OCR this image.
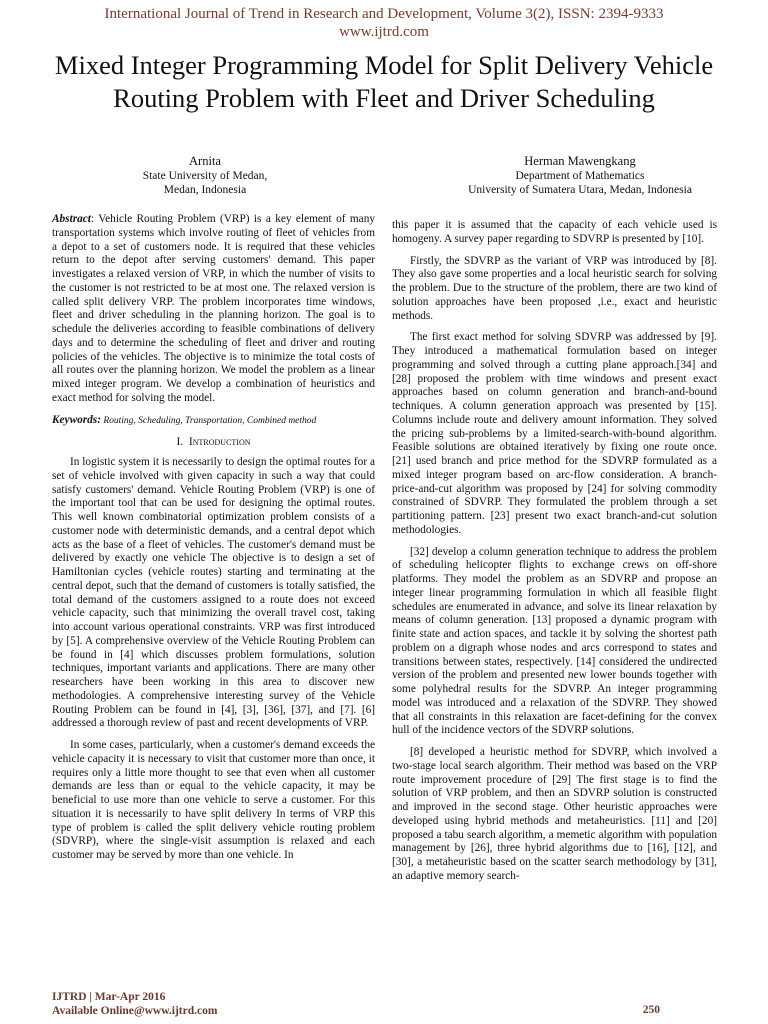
International Journal of Trend in Research and Development, Volume 3(2), ISSN: 2394-9333
www.ijtrd.com
Mixed Integer Programming Model for Split Delivery Vehicle Routing Problem with Fleet and Driver Scheduling
Arnita
State University of Medan,
Medan, Indonesia
Herman Mawengkang
Department of Mathematics
University of Sumatera Utara, Medan, Indonesia

Abstract: Vehicle Routing Problem (VRP) is a key element of many transportation systems which involve routing of fleet of vehicles from a depot to a set of customers node. It is required that these vehicles return to the depot after serving customers' demand. This paper investigates a relaxed version of VRP, in which the number of visits to the customer is not restricted to be at most one. The relaxed version is called split delivery VRP. The problem incorporates time windows, fleet and driver scheduling in the planning horizon. The goal is to schedule the deliveries according to feasible combinations of delivery days and to determine the scheduling of fleet and driver and routing policies of the vehicles. The objective is to minimize the total costs of all routes over the planning horizon. We model the problem as a linear mixed integer program. We develop a combination of heuristics and exact method for solving the model.

Keywords: Routing, Scheduling, Transportation, Combined method

I. Introduction

In logistic system it is necessarily to design the optimal routes for a set of vehicle involved with given capacity in such a way that could satisfy customers' demand. Vehicle Routing Problem (VRP) is one of the important tool that can be used for designing the optimal routes. This well known combinatorial optimization problem consists of a customer node with deterministic demands, and a central depot which acts as the base of a fleet of vehicles. The customer's demand must be delivered by exactly one vehicle The objective is to design a set of Hamiltonian cycles (vehicle routes) starting and terminating at the central depot, such that the demand of customers is totally satisfied, the total demand of the customers assigned to a route does not exceed vehicle capacity, such that minimizing the overall travel cost, taking into account various operational constraints. VRP was first introduced by [5]. A comprehensive overview of the Vehicle Routing Problem can be found in [4] which discusses problem formulations, solution techniques, important variants and applications. There are many other researchers have been working in this area to discover new methodologies. A comprehensive interesting survey of the Vehicle Routing Problem can be found in [4], [3], [36], [37], and [7]. [6] addressed a thorough review of past and recent developments of VRP.

In some cases, particularly, when a customer's demand exceeds the vehicle capacity it is necessary to visit that customer more than once, it requires only a little more thought to see that even when all customer demands are less than or equal to the vehicle capacity, it may be beneficial to use more than one vehicle to serve a customer. For this situation it is necessarily to have split delivery In terms of VRP this type of problem is called the split delivery vehicle routing problem (SDVRP), where the single-visit assumption is relaxed and each customer may be served by more than one vehicle. In

this paper it is assumed that the capacity of each vehicle used is homogeny. A survey paper regarding to SDVRP is presented by [10].

Firstly, the SDVRP as the variant of VRP was introduced by [8]. They also gave some properties and a local heuristic search for solving the problem. Due to the structure of the problem, there are two kind of solution approaches have been proposed ,i.e., exact and heuristic methods.

The first exact method for solving SDVRP was addressed by [9]. They introduced a mathematical formulation based on integer programming and solved through a cutting plane approach.[34] and [28] proposed the problem with time windows and present exact approaches based on column generation and branch-and-bound techniques. A column generation approach was presented by [15]. Columns include route and delivery amount information. They solved the pricing sub-problems by a limited-search-with-bound algorithm. Feasible solutions are obtained iteratively by fixing one route once. [21] used branch and price method for the SDVRP formulated as a mixed integer program based on arc-flow consideration. A branch-price-and-cut algorithm was proposed by [24] for solving commodity constrained of SDVRP. They formulated the problem through a set partitioning pattern. [23] present two exact branch-and-cut solution methodologies.

[32] develop a column generation technique to address the problem of scheduling helicopter flights to exchange crews on off-shore platforms. They model the problem as an SDVRP and propose an integer linear programming formulation in which all feasible flight schedules are enumerated in advance, and solve its linear relaxation by means of column generation. [13] proposed a dynamic program with finite state and action spaces, and tackle it by solving the shortest path problem on a digraph whose nodes and arcs correspond to states and transitions between states, respectively. [14] considered the undirected version of the problem and presented new lower bounds together with some polyhedral results for the SDVRP. An integer programming model was introduced and a relaxation of the SDVRP. They showed that all constraints in this relaxation are facet-defining for the convex hull of the incidence vectors of the SDVRP solutions.

[8] developed a heuristic method for SDVRP, which involved a two-stage local search algorithm. Their method was based on the VRP route improvement procedure of [29] The first stage is to find the solution of VRP problem, and then an SDVRP solution is constructed and improved in the second stage. Other heuristic approaches were developed using hybrid methods and metaheuristics. [11] and [20] proposed a tabu search algorithm, a memetic algorithm with population management by [26], three hybrid algorithms due to [16], [12], and [30], a metaheuristic based on the scatter search methodology by [31], an adaptive memory search-

IJTRD | Mar-Apr 2016
Available Online@www.ijtrd.com	250
